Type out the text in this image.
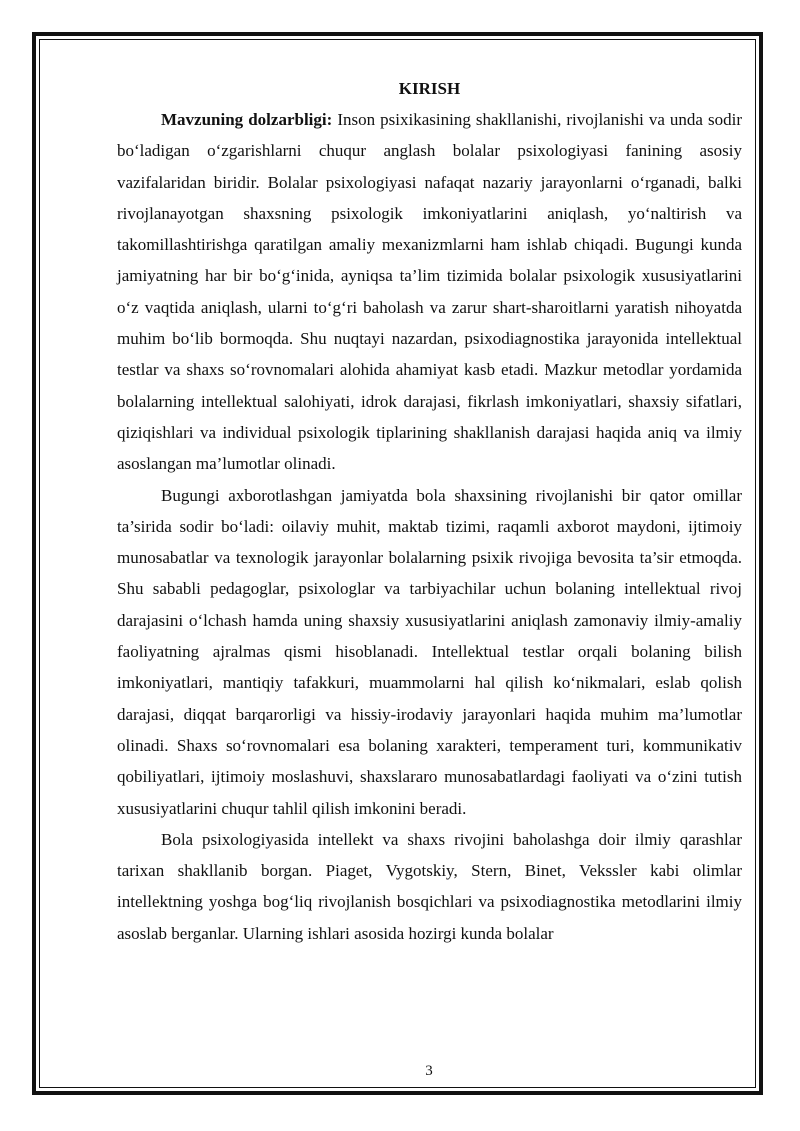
KIRISH

Mavzuning dolzarbligi: Inson psixikasining shakllanishi, rivojlanishi va unda sodir bo‘ladigan o‘zgarishlarni chuqur anglash bolalar psixologiyasi fanining asosiy vazifalaridan biridir. Bolalar psixologiyasi nafaqat nazariy jarayonlarni o‘rganadi, balki rivojlanayotgan shaxsning psixologik imkoniyatlarini aniqlash, yo‘naltirish va takomillashtirishga qaratilgan amaliy mexanizmlarni ham ishlab chiqadi. Bugungi kunda jamiyatning har bir bo‘g‘inida, ayniqsa ta’lim tizimida bolalar psixologik xususiyatlarini o‘z vaqtida aniqlash, ularni to‘g‘ri baholash va zarur shart-sharoitlarni yaratish nihoyatda muhim bo‘lib bormoqda. Shu nuqtayi nazardan, psixodiagnostika jarayonida intellektual testlar va shaxs so‘rovnomalari alohida ahamiyat kasb etadi. Mazkur metodlar yordamida bolalarning intellektual salohiyati, idrok darajasi, fikrlash imkoniyatlari, shaxsiy sifatlari, qiziqishlari va individual psixologik tiplarining shakllanish darajasi haqida aniq va ilmiy asoslangan ma’lumotlar olinadi.

Bugungi axborotlashgan jamiyatda bola shaxsining rivojlanishi bir qator omillar ta’sirida sodir bo‘ladi: oilaviy muhit, maktab tizimi, raqamli axborot maydoni, ijtimoiy munosabatlar va texnologik jarayonlar bolalarning psixik rivojiga bevosita ta’sir etmoqda. Shu sababli pedagoglar, psixologlar va tarbiyachilar uchun bolaning intellektual rivoj darajasini o‘lchash hamda uning shaxsiy xususiyatlarini aniqlash zamonaviy ilmiy-amaliy faoliyatning ajralmas qismi hisoblanadi. Intellektual testlar orqali bolaning bilish imkoniyatlari, mantiqiy tafakkuri, muammolarni hal qilish ko‘nikmalari, eslab qolish darajasi, diqqat barqarorligi va hissiy-irodaviy jarayonlari haqida muhim ma’lumotlar olinadi. Shaxs so‘rovnomalari esa bolaning xarakteri, temperament turi, kommunikativ qobiliyatlari, ijtimoiy moslashuvi, shaxslararo munosabatlardagi faoliyati va o‘zini tutish xususiyatlarini chuqur tahlil qilish imkonini beradi.

Bola psixologiyasida intellekt va shaxs rivojini baholashga doir ilmiy qarashlar tarixan shakllanib borgan. Piaget, Vygotskiy, Stern, Binet, Vekssler kabi olimlar intellektning yoshga bog‘liq rivojlanish bosqichlari va psixodiagnostika metodlarini ilmiy asoslab berganlar. Ularning ishlari asosida hozirgi kunda bolalar

3
